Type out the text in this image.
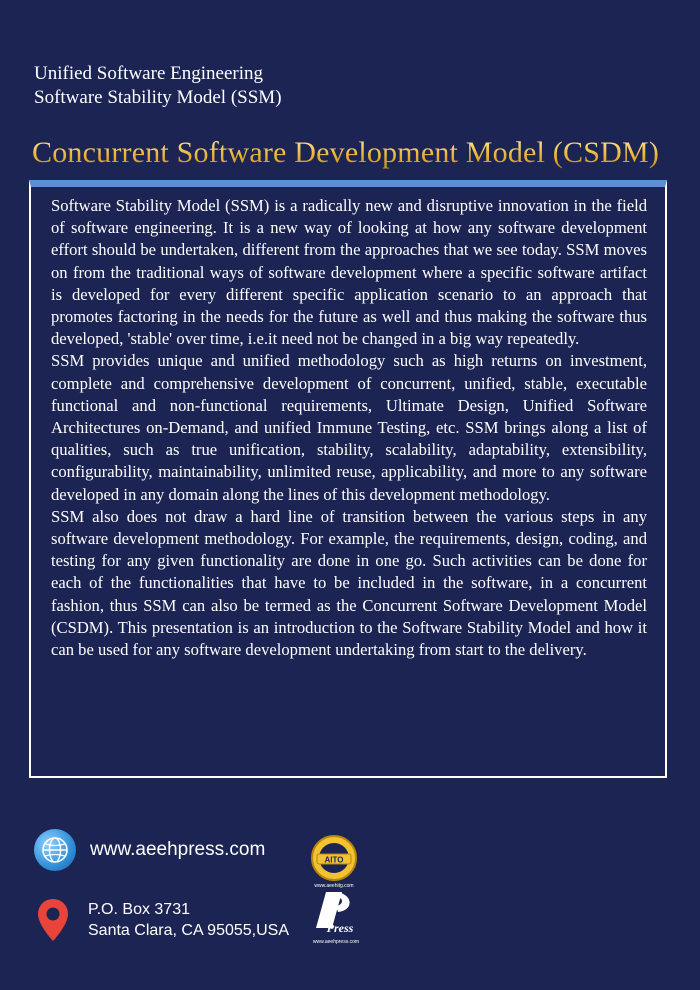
Unified Software Engineering
Software Stability Model (SSM)
Concurrent Software Development Model (CSDM)

Software Stability Model (SSM) is a radically new and disruptive innovation in the field of software engineering. It is a new way of looking at how any software development effort should be undertaken, different from the approaches that we see today. SSM moves on from the traditional ways of software development where a specific software artifact is developed for every different specific application scenario to an approach that promotes factoring in the needs for the future as well and thus making the software thus developed, 'stable' over time, i.e.it need not be changed in a big way repeatedly.

SSM provides unique and unified methodology such as high returns on investment, complete and comprehensive development of concurrent, unified, stable, executable functional and non-functional requirements, Ultimate Design, Unified Software Architectures on-Demand, and unified Immune Testing, etc. SSM brings along a list of qualities, such as true unification, stability, scalability, adaptability, extensibility, configurability, maintainability, unlimited reuse, applicability, and more to any software developed in any domain along the lines of this development methodology.

SSM also does not draw a hard line of transition between the various steps in any software development methodology. For example, the requirements, design, coding, and testing for any given functionality are done in one go. Such activities can be done for each of the functionalities that have to be included in the software, in a concurrent fashion, thus SSM can also be termed as the Concurrent Software Development Model (CSDM). This presentation is an introduction to the Software Stability Model and how it can be used for any software development undertaking from start to the delivery.

www.aeehpress.com	AITO
www.aeehitg.com
P.O. Box 3731
Santa Clara, CA 95055,USA	Press
www.aeehpress.com
